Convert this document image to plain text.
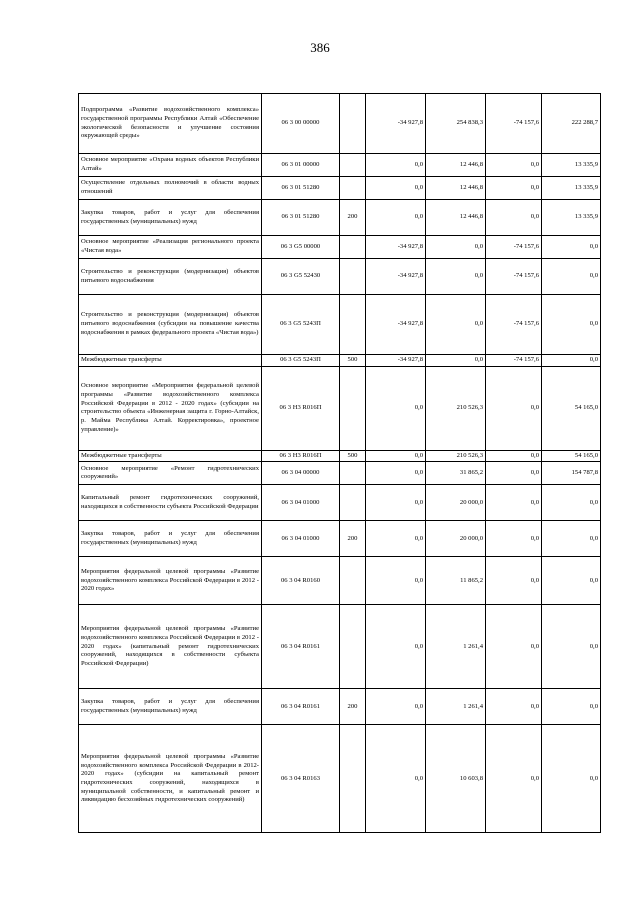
386
Подпрограмма «Развитие водохозяйственного комплекса» государственной программы Республики Алтай «Обеспечение экологической безопасности и улучшение состояния окружающей среды»	06 3 00 00000		-34 927,8	254 838,3	-74 157,6	222 288,7
Основное мероприятие «Охрана водных объектов Республики Алтай»	06 3 01 00000		0,0	12 446,8	0,0	13 335,9
Осуществление отдельных полномочий в области водных отношений	06 3 01 51280		0,0	12 446,8	0,0	13 335,9
Закупка товаров, работ и услуг для обеспечения государственных (муниципальных) нужд	06 3 01 51280	200	0,0	12 446,8	0,0	13 335,9
Основное мероприятие «Реализация регионального проекта «Чистая вода»	06 3 G5 00000		-34 927,8	0,0	-74 157,6	0,0
Строительство и реконструкция (модернизация) объектов питьевого водоснабжения	06 3 G5 52430		-34 927,8	0,0	-74 157,6	0,0
Строительство и реконструкция (модернизация) объектов питьевого водоснабжения (субсидии на повышение качества водоснабжения в рамках федерального проекта «Чистая вода»)	06 3 G5 5243П		-34 927,8	0,0	-74 157,6	0,0
Межбюджетные трансферты	06 3 G5 5243П	500	-34 927,8	0,0	-74 157,6	0,0
Основное мероприятие «Мероприятия федеральной целевой программы «Развитие водохозяйственного комплекса Российской Федерации в 2012 - 2020 годах» (субсидии на строительство объекта «Инженерная защита г. Горно-Алтайск, р. Майма Республика Алтай. Корректировка», проектное управление)»	06 3 Н3 R016П		0,0	210 526,3	0,0	54 165,0
Межбюджетные трансферты	06 3 Н3 R016П	500	0,0	210 526,3	0,0	54 165,0
Основное мероприятие «Ремонт гидротехнических сооружений»	06 3 04 00000		0,0	31 865,2	0,0	154 787,8
Капитальный ремонт гидротехнических сооружений, находящихся в собственности субъекта Российской Федерации	06 3 04 01000		0,0	20 000,0	0,0	0,0
Закупка товаров, работ и услуг для обеспечения государственных (муниципальных) нужд	06 3 04 01000	200	0,0	20 000,0	0,0	0,0
Мероприятия федеральной целевой программы «Развитие водохозяйственного комплекса Российской Федерации в 2012 - 2020 годах»	06 3 04 R0160		0,0	11 865,2	0,0	0,0
Мероприятия федеральной целевой программы «Развитие водохозяйственного комплекса Российской Федерации в 2012 - 2020 годах» (капитальный ремонт гидротехнических сооружений, находящихся в собственности субъекта Российской Федерации)	06 3 04 R0161		0,0	1 261,4	0,0	0,0
Закупка товаров, работ и услуг для обеспечения государственных (муниципальных) нужд	06 3 04 R0161	200	0,0	1 261,4	0,0	0,0
Мероприятия федеральной целевой программы «Развитие водохозяйственного комплекса Российской Федерации в 2012-2020 годах» (субсидии на капитальный ремонт гидротехнических сооружений, находящихся в муниципальной собственности, и капитальный ремонт и ликвидацию бесхозяйных гидротехнических сооружений)	06 3 04 R0163		0,0	10 603,8	0,0	0,0
